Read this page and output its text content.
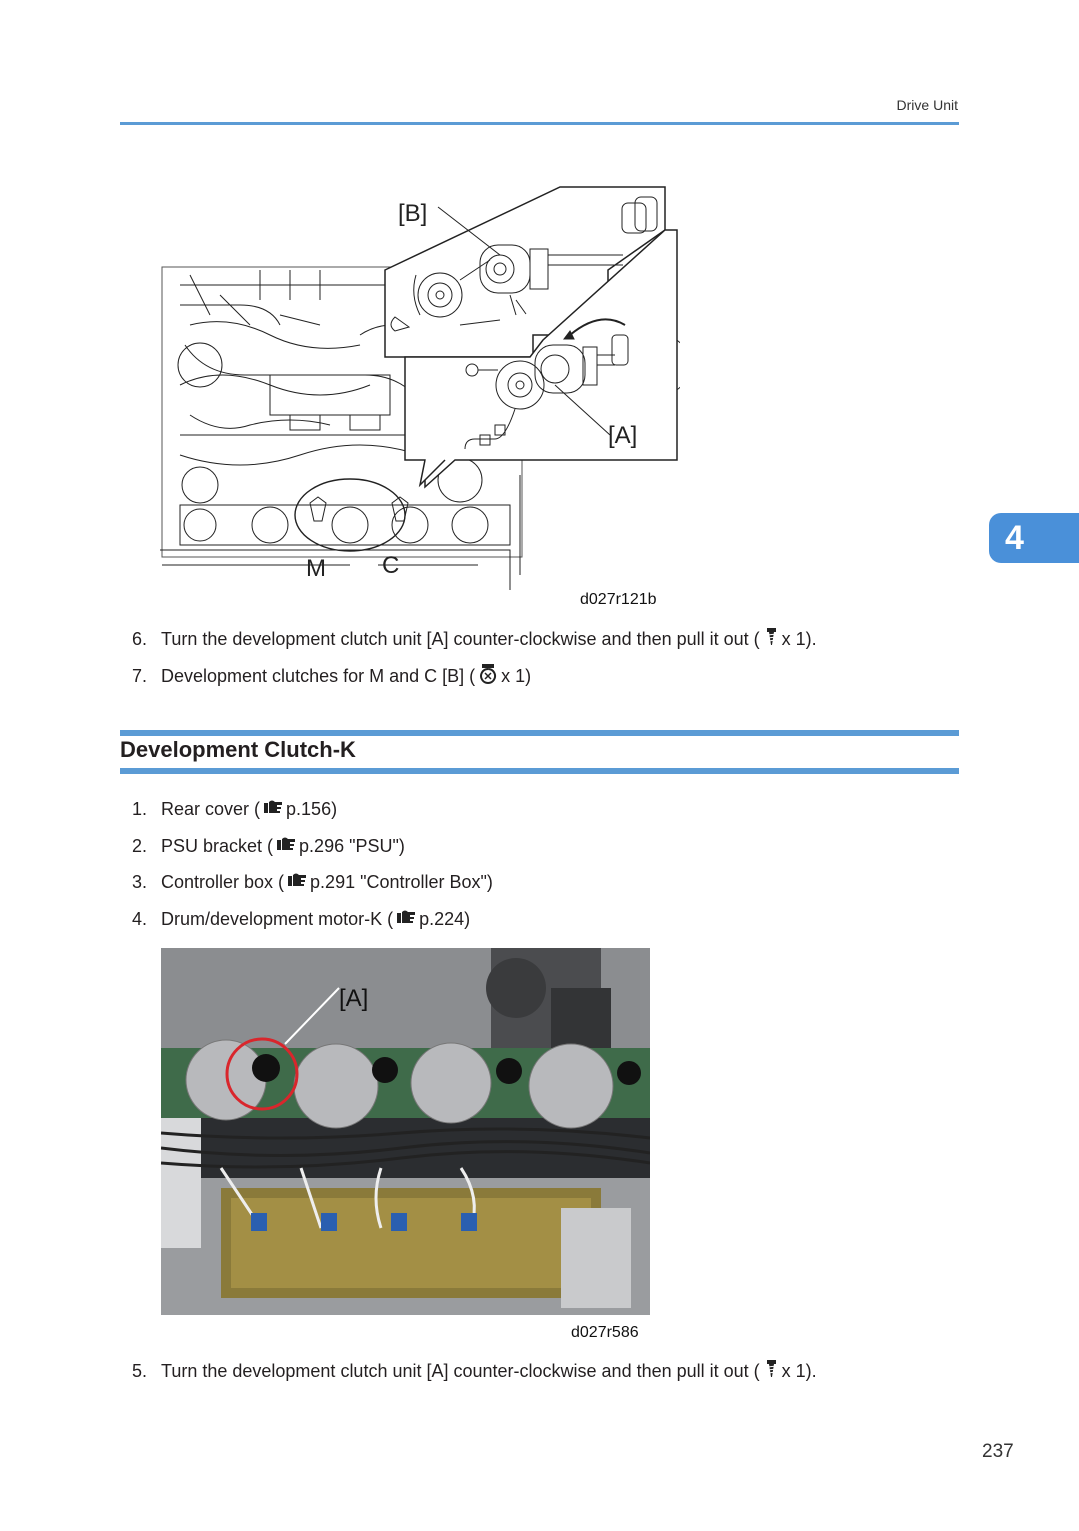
Drive Unit
4
[B]
[A]
M C
d027r121b
6. Turn the development clutch unit [A] counter-clockwise and then pull it out ( x 1).
7. Development clutches for M and C [B] ( x 1)
Development Clutch-K
1. Rear cover ( p.156)
2. PSU bracket ( p.296 "PSU")
3. Controller box ( p.291 "Controller Box")
4. Drum/development motor-K ( p.224)
[A]
d027r586
5. Turn the development clutch unit [A] counter-clockwise and then pull it out ( x 1).
237
